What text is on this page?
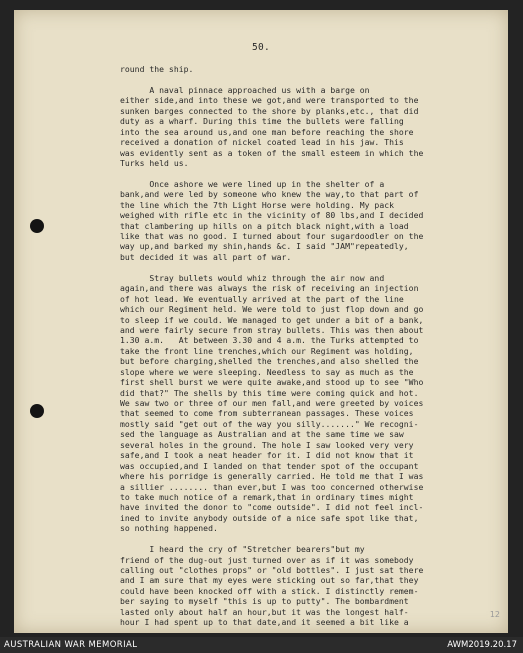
50.
round the ship.
A naval pinnace approached us with a barge on
either side,and into these we got,and were transported to the
sunken barges connected to the shore by planks,etc., that did
duty as a wharf. During this time the bullets were falling
into the sea around us,and one man before reaching the shore
received a donation of nickel coated lead in his jaw. This
was evidently sent as a token of the small esteem in which the
Turks held us.
Once ashore we were lined up in the shelter of a
bank,and were led by someone who knew the way,to that part of
the line which the 7th Light Horse were holding. My pack
weighed with rifle etc in the vicinity of 80 lbs,and I decided
that clambering up hills on a pitch black night,with a load
like that was no good. I turned about four sugardoodler on the
way up,and barked my shin,hands &c. I said "JAM"repeatedly,
but decided it was all part of war.
Stray bullets would whiz through the air now and
again,and there was always the risk of receiving an injection
of hot lead. We eventually arrived at the part of the line
which our Regiment held. We were told to just flop down and go
to sleep if we could. We managed to get under a bit of a bank,
and were fairly secure from stray bullets. This was then about
1.30 a.m.   At between 3.30 and 4 a.m. the Turks attempted to
take the front line trenches,which our Regiment was holding,
but before charging,shelled the trenches,and also shelled the
slope where we were sleeping. Needless to say as much as the
first shell burst we were quite awake,and stood up to see "Who
did that?" The shells by this time were coming quick and hot.
We saw two or three of our men fall,and were greeted by voices
that seemed to come from subterranean passages. These voices
mostly said "get out of the way you silly......." We recogni-
sed the language as Australian and at the same time we saw
several holes in the ground. The hole I saw looked very very
safe,and I took a neat header for it. I did not know that it
was occupied,and I landed on that tender spot of the occupant
where his porridge is generally carried. He told me that I was
a sillier ........ than ever,but I was too concerned otherwise
to take much notice of a remark,that in ordinary times might
have invited the donor to "come outside". I did not feel incl-
ined to invite anybody outside of a nice safe spot like that,
so nothing happened.
I heard the cry of "Stretcher bearers"but my
friend of the dug-out just turned over as if it was somebody
calling out "clothes props" or "old bottles". I just sat there
and I am sure that my eyes were sticking out so far,that they
could have been knocked off with a stick. I distinctly remem-
ber saying to myself "this is up to putty". The bombardment
lasted only about half an hour,but it was the longest half-
hour I had spent up to that date,and it seemed a bit like a
12
AUSTRALIAN WAR MEMORIAL	AWM2019.20.17
